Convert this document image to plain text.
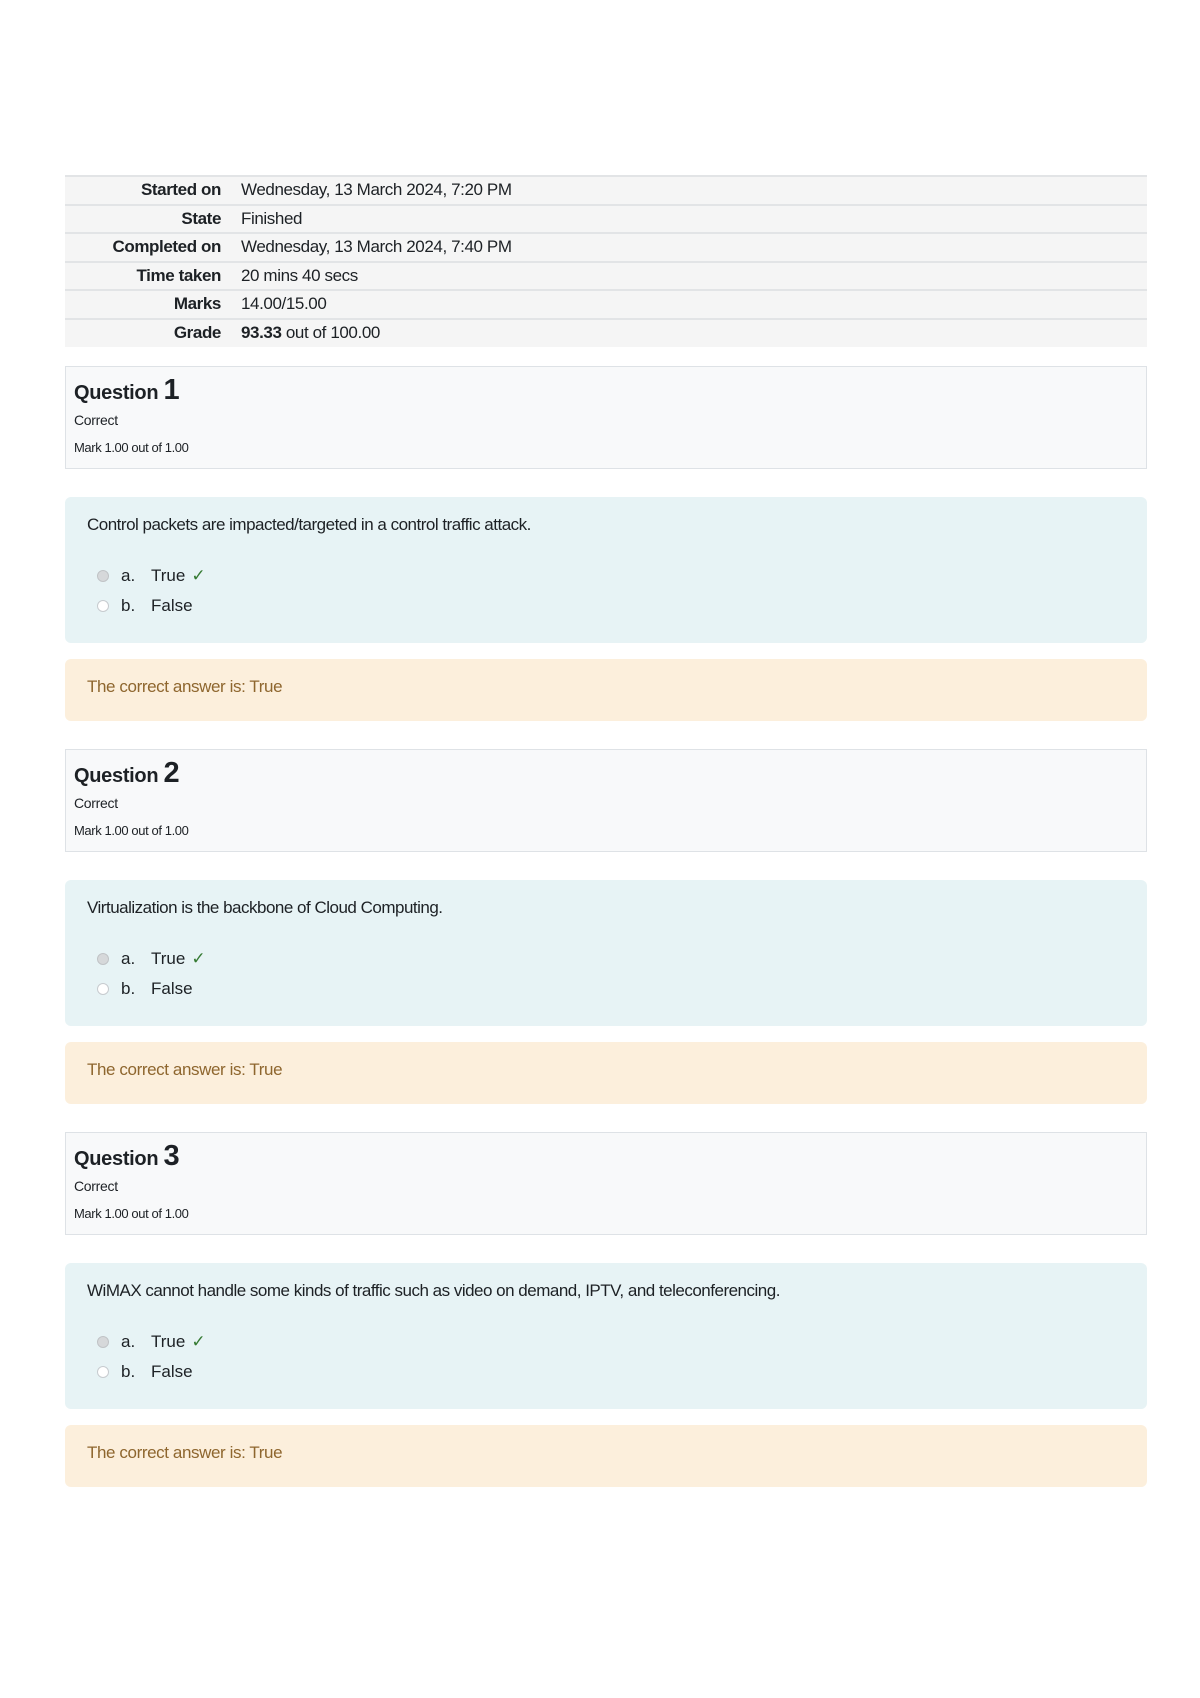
Started on	Wednesday, 13 March 2024, 7:20 PM
State	Finished
Completed on	Wednesday, 13 March 2024, 7:40 PM
Time taken	20 mins 40 secs
Marks	14.00/15.00
Grade	93.33 out of 100.00
Question 1
Correct
Mark 1.00 out of 1.00

Control packets are impacted/targeted in a control traffic attack.

a. True ✓
b. False
The correct answer is: True
Question 2
Correct
Mark 1.00 out of 1.00

Virtualization is the backbone of Cloud Computing.

a. True ✓
b. False
The correct answer is: True
Question 3
Correct
Mark 1.00 out of 1.00

WiMAX cannot handle some kinds of traffic such as video on demand, IPTV, and teleconferencing.

a. True ✓
b. False
The correct answer is: True
